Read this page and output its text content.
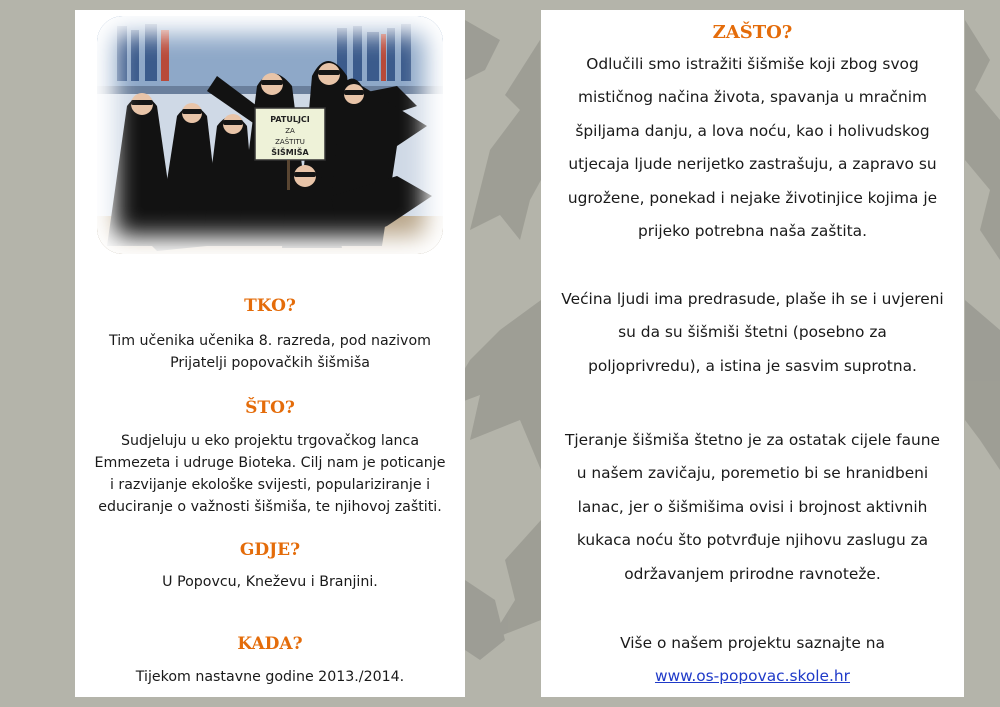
PATULJCI
ZA
ZAŠTITU
ŠIŠMIŠA
TKO?
Tim učenika učenika 8. razreda, pod nazivom
Prijatelji popovačkih šišmiša
ŠTO?
Sudjeluju u eko projektu trgovačkog lanca
Emmezeta i udruge Bioteka. Cilj nam je poticanje
i razvijanje ekološke svijesti, populariziranje i
educiranje o važnosti šišmiša, te njihovoj zaštiti.
GDJE?
U Popovcu, Kneževu i Branjini.
KADA?
Tijekom nastavne godine 2013./2014.
ZAŠTO?
Odlučili smo istražiti šišmiše koji zbog svog
mističnog načina života, spavanja u mračnim
špiljama danju, a lova noću, kao i holivudskog
utjecaja ljude nerijetko zastrašuju, a zapravo su
ugrožene, ponekad i nejake životinjice kojima je
prijeko potrebna naša zaštita.
Većina ljudi ima predrasude, plaše ih se i uvjereni
su da su šišmiši štetni (posebno za
poljoprivredu), a istina je sasvim suprotna.
Tjeranje šišmiša štetno je za ostatak cijele faune
u našem zavičaju, poremetio bi se hranidbeni
lanac, jer o šišmišima ovisi i brojnost aktivnih
kukaca noću što potvrđuje njihovu zaslugu za
održavanjem prirodne ravnoteže.
Više o našem projektu saznajte na
www.os-popovac.skole.hr
